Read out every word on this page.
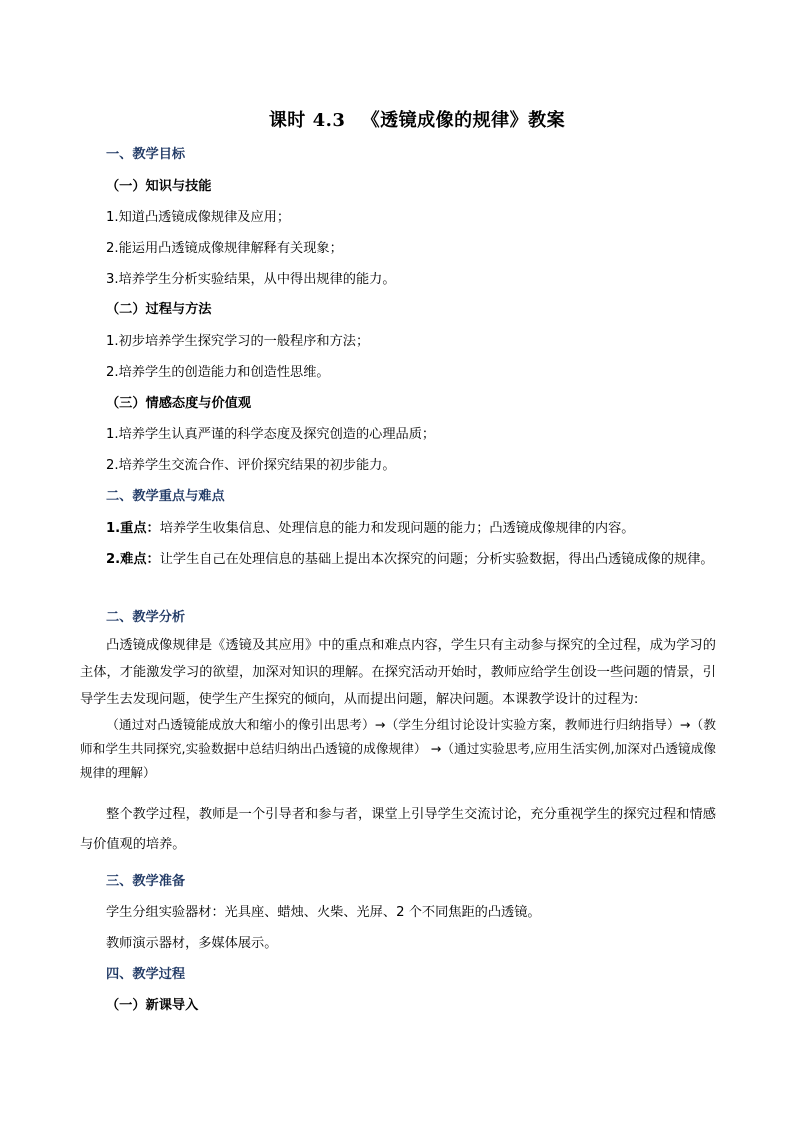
课时 4.3 　《透镜成像的规律》教案
一、教学目标
（一）知识与技能
1.知道凸透镜成像规律及应用；
2.能运用凸透镜成像规律解释有关现象；
3.培养学生分析实验结果，从中得出规律的能力。
（二）过程与方法
1.初步培养学生探究学习的一般程序和方法；
2.培养学生的创造能力和创造性思维。
（三）情感态度与价值观
1.培养学生认真严谨的科学态度及探究创造的心理品质；
2.培养学生交流合作、评价探究结果的初步能力。
二、教学重点与难点
1.重点：培养学生收集信息、处理信息的能力和发现问题的能力；凸透镜成像规律的内容。
2.难点：让学生自己在处理信息的基础上提出本次探究的问题；分析实验数据，得出凸透镜成像的规律。
二、教学分析
凸透镜成像规律是《透镜及其应用》中的重点和难点内容，学生只有主动参与探究的全过程，成为学习的主体，才能激发学习的欲望，加深对知识的理解。在探究活动开始时，教师应给学生创设一些问题的情景，引导学生去发现问题，使学生产生探究的倾向，从而提出问题，解决问题。本课教学设计的过程为:
（通过对凸透镜能成放大和缩小的像引出思考）→（学生分组讨论设计实验方案，教师进行归纳指导）→（教师和学生共同探究,实验数据中总结归纳出凸透镜的成像规律） →（通过实验思考,应用生活实例,加深对凸透镜成像规律的理解）
整个教学过程，教师是一个引导者和参与者，课堂上引导学生交流讨论，充分重视学生的探究过程和情感与价值观的培养。
三、教学准备
学生分组实验器材：光具座、蜡烛、火柴、光屏、2 个不同焦距的凸透镜。
教师演示器材，多媒体展示。
四、教学过程
（一）新课导入
